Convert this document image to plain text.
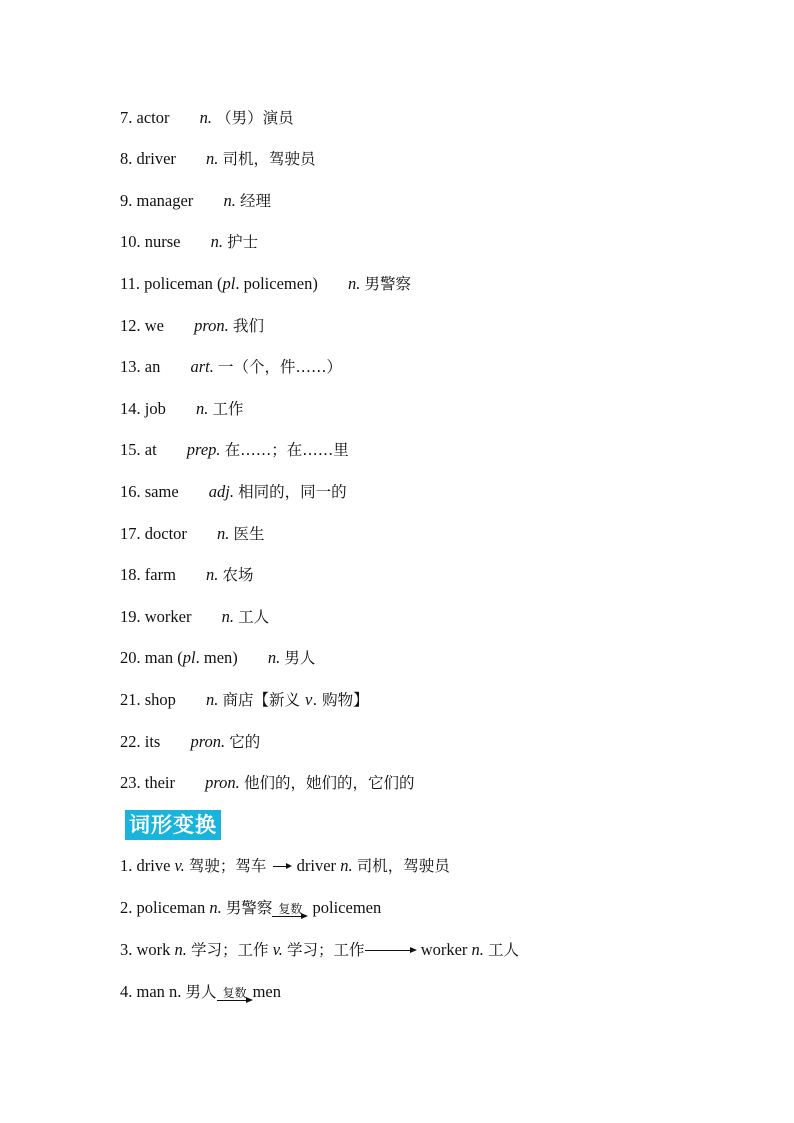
7. actor n. （男）演员
8. driver n. 司机，驾驶员
9. manager n. 经理
10. nurse n. 护士
11. policeman (pl. policemen) n. 男警察
12. we pron. 我们
13. an art. 一（个，件……）
14. job n. 工作
15. at prep. 在……；在……里
16. same adj. 相同的，同一的
17. doctor n. 医生
18. farm n. 农场
19. worker n. 工人
20. man (pl. men) n. 男人
21. shop n. 商店【新义 v. 购物】
22. its pron. 它的
23. their pron. 他们的，她们的，它们的
词形变换
1. drive v. 驾驶；驾车 driver n. 司机，驾驶员
2. policeman n. 男警察 复数 policemen
3. work n. 学习；工作 v. 学习；工作	worker n. 工人
4. man n. 男人 复数 men
